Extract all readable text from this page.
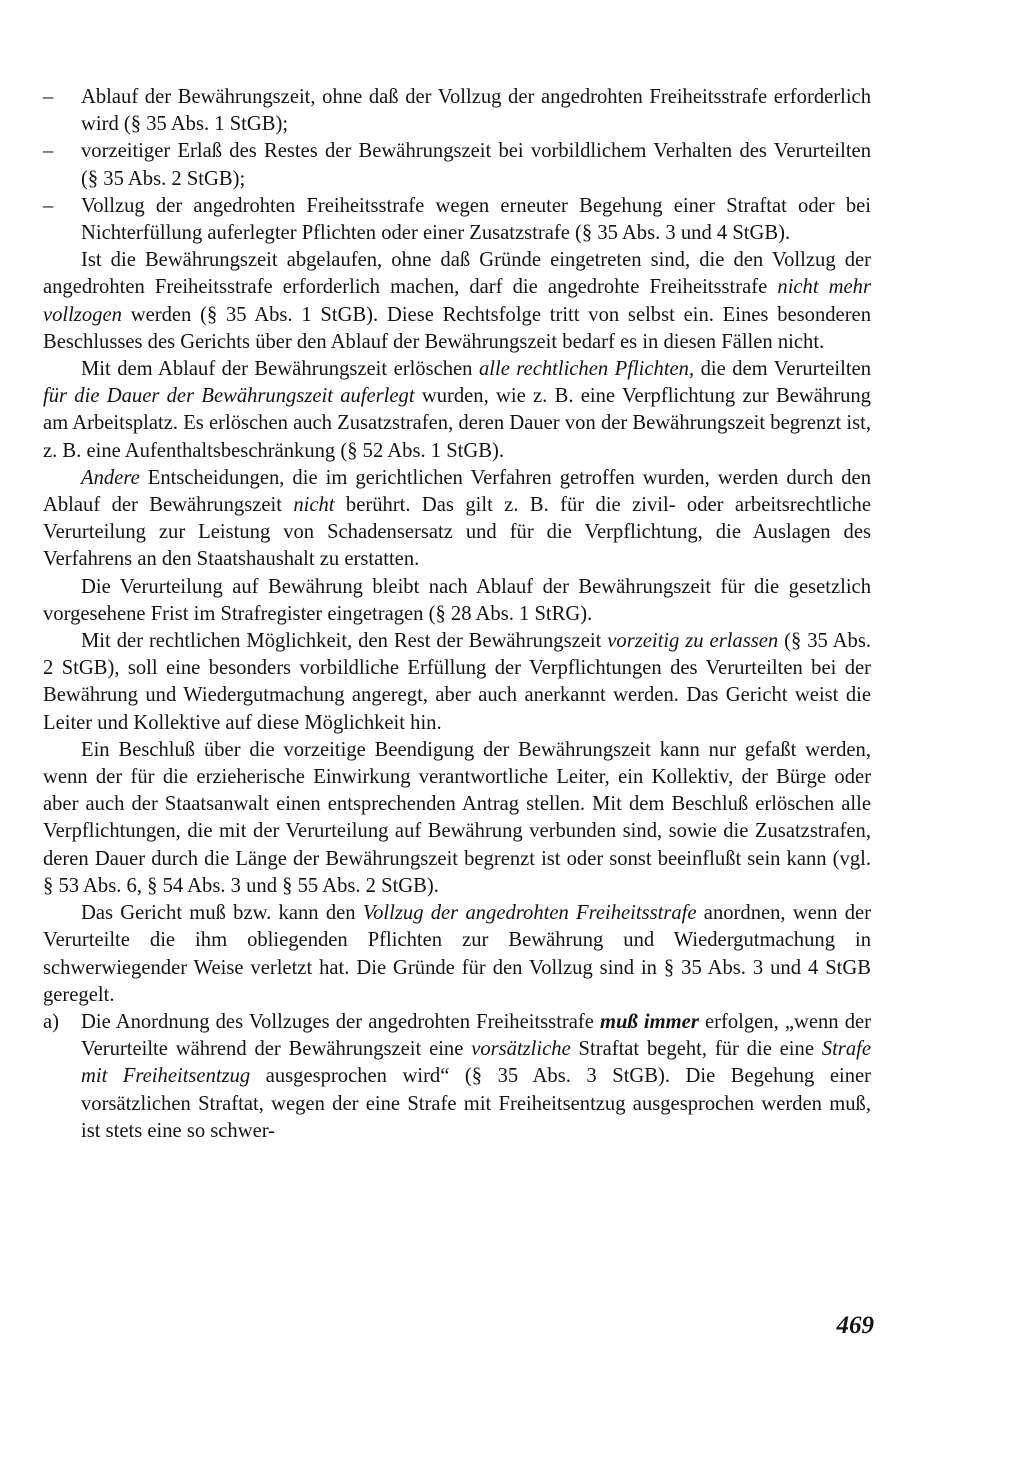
–	Ablauf der Bewährungszeit, ohne daß der Vollzug der angedrohten Freiheitsstrafe erforderlich wird (§ 35 Abs. 1 StGB);
–	vorzeitiger Erlaß des Restes der Bewährungszeit bei vorbildlichem Verhalten des Verurteilten (§ 35 Abs. 2 StGB);
–	Vollzug der angedrohten Freiheitsstrafe wegen erneuter Begehung einer Straftat oder bei Nichterfüllung auferlegter Pflichten oder einer Zusatzstrafe (§ 35 Abs. 3 und 4 StGB).

Ist die Bewährungszeit abgelaufen, ohne daß Gründe eingetreten sind, die den Vollzug der angedrohten Freiheitsstrafe erforderlich machen, darf die angedrohte Freiheitsstrafe nicht mehr vollzogen werden (§ 35 Abs. 1 StGB). Diese Rechtsfolge tritt von selbst ein. Eines besonderen Beschlusses des Gerichts über den Ablauf der Bewährungszeit bedarf es in diesen Fällen nicht.

Mit dem Ablauf der Bewährungszeit erlöschen alle rechtlichen Pflichten, die dem Verurteilten für die Dauer der Bewährungszeit auferlegt wurden, wie z. B. eine Verpflichtung zur Bewährung am Arbeitsplatz. Es erlöschen auch Zusatzstrafen, deren Dauer von der Bewährungszeit begrenzt ist, z. B. eine Aufenthaltsbeschränkung (§ 52 Abs. 1 StGB).

Andere Entscheidungen, die im gerichtlichen Verfahren getroffen wurden, werden durch den Ablauf der Bewährungszeit nicht berührt. Das gilt z. B. für die zivil- oder arbeitsrechtliche Verurteilung zur Leistung von Schadensersatz und für die Verpflichtung, die Auslagen des Verfahrens an den Staatshaushalt zu erstatten.

Die Verurteilung auf Bewährung bleibt nach Ablauf der Bewährungszeit für die gesetzlich vorgesehene Frist im Strafregister eingetragen (§ 28 Abs. 1 StRG).

Mit der rechtlichen Möglichkeit, den Rest der Bewährungszeit vorzeitig zu erlassen (§ 35 Abs. 2 StGB), soll eine besonders vorbildliche Erfüllung der Verpflichtungen des Verurteilten bei der Bewährung und Wiedergutmachung angeregt, aber auch anerkannt werden. Das Gericht weist die Leiter und Kollektive auf diese Möglichkeit hin.

Ein Beschluß über die vorzeitige Beendigung der Bewährungszeit kann nur gefaßt werden, wenn der für die erzieherische Einwirkung verantwortliche Leiter, ein Kollektiv, der Bürge oder aber auch der Staatsanwalt einen entsprechenden Antrag stellen. Mit dem Beschluß erlöschen alle Verpflichtungen, die mit der Verurteilung auf Bewährung verbunden sind, sowie die Zusatzstrafen, deren Dauer durch die Länge der Bewährungszeit begrenzt ist oder sonst beeinflußt sein kann (vgl. § 53 Abs. 6, § 54 Abs. 3 und § 55 Abs. 2 StGB).

Das Gericht muß bzw. kann den Vollzug der angedrohten Freiheitsstrafe anordnen, wenn der Verurteilte die ihm obliegenden Pflichten zur Bewährung und Wiedergutmachung in schwerwiegender Weise verletzt hat. Die Gründe für den Vollzug sind in § 35 Abs. 3 und 4 StGB geregelt.

a)	Die Anordnung des Vollzuges der angedrohten Freiheitsstrafe muß immer erfolgen, „wenn der Verurteilte während der Bewährungszeit eine vorsätzliche Straftat begeht, für die eine Strafe mit Freiheitsentzug ausgesprochen wird“ (§ 35 Abs. 3 StGB). Die Begehung einer vorsätzlichen Straftat, wegen der eine Strafe mit Freiheitsentzug ausgesprochen werden muß, ist stets eine so schwer-
469
